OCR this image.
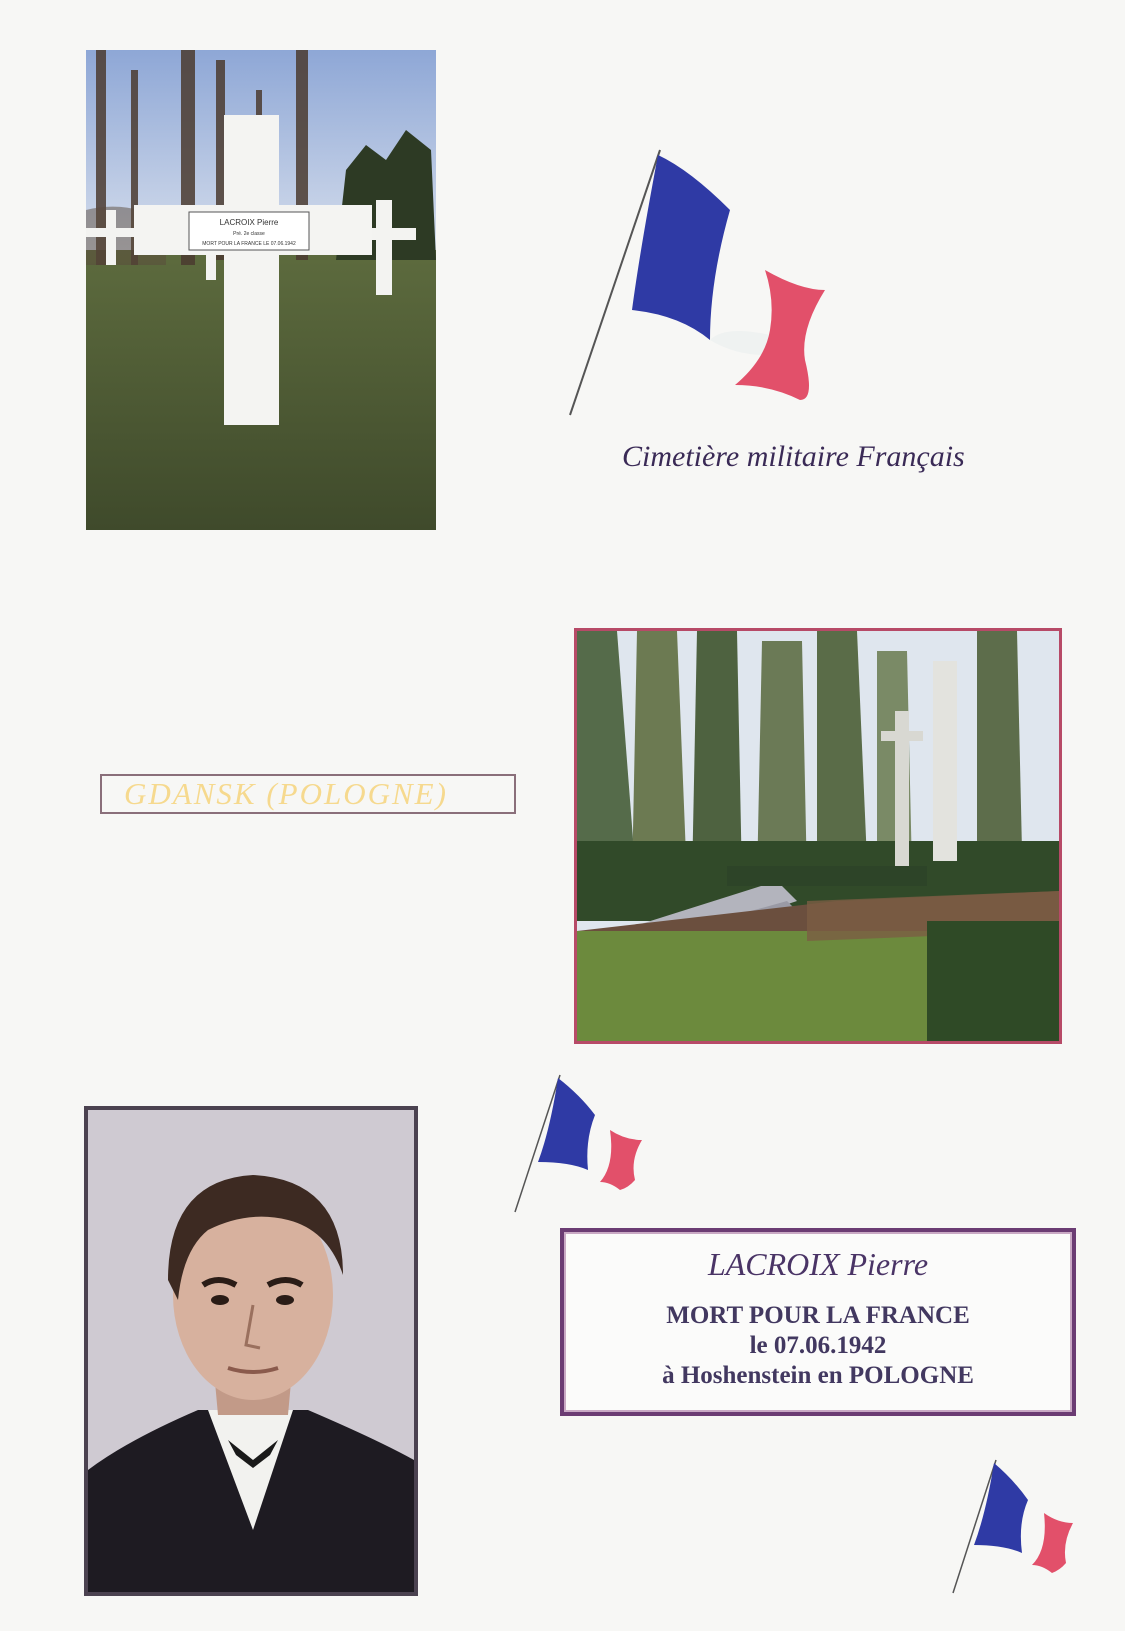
LACROIX Pierre
Pré. 2e classe
MORT POUR LA FRANCE LE 07.06.1942
Cimetière militaire Français
GDANSK (POLOGNE)
LACROIX Pierre
MORT POUR LA FRANCE
le 07.06.1942
à Hoshenstein en POLOGNE
